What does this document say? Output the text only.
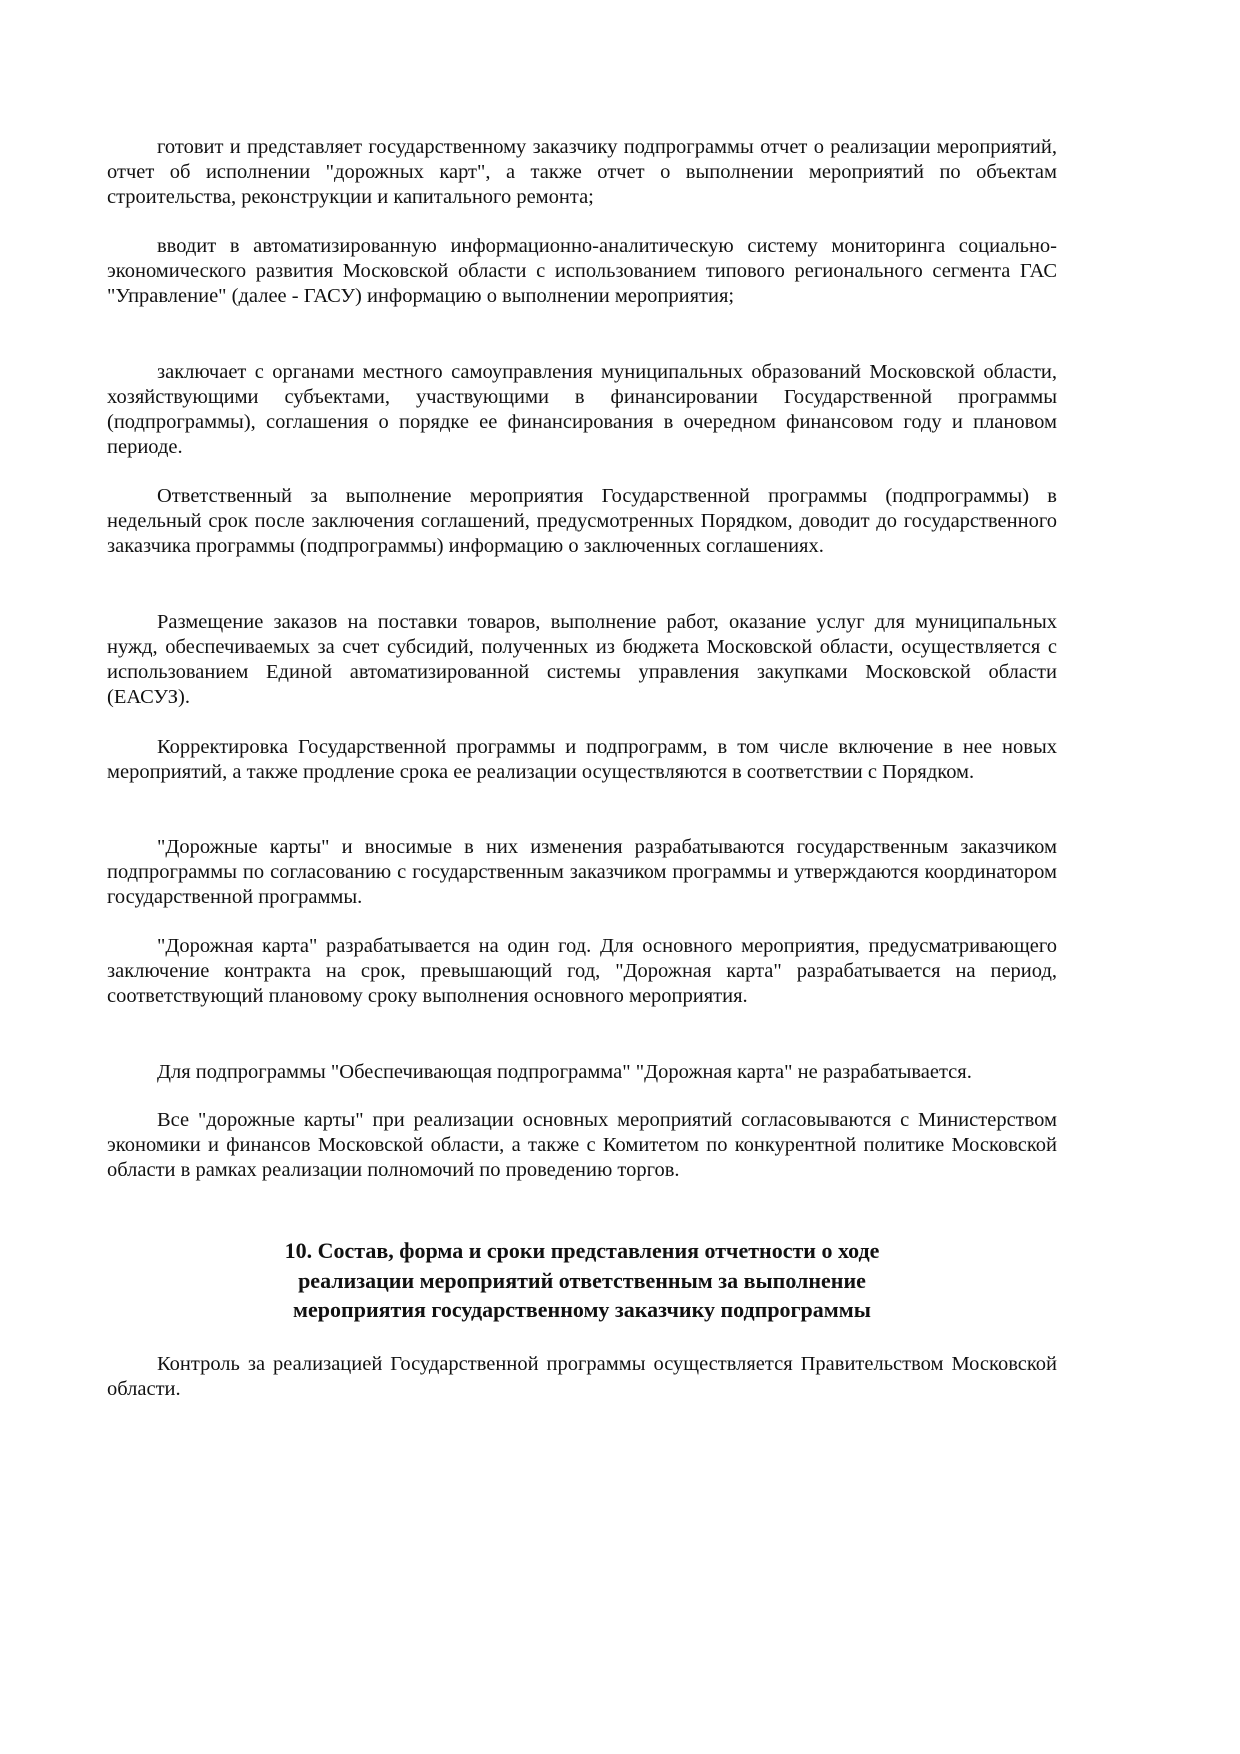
готовит и представляет государственному заказчику подпрограммы отчет о реализации мероприятий, отчет об исполнении "дорожных карт", а также отчет о выполнении мероприятий по объектам строительства, реконструкции и капитального ремонта;

вводит в автоматизированную информационно-аналитическую систему мониторинга социально-экономического развития Московской области с использованием типового регионального сегмента ГАС "Управление" (далее - ГАСУ) информацию о выполнении мероприятия;

заключает с органами местного самоуправления муниципальных образований Московской области, хозяйствующими субъектами, участвующими в финансировании Государственной программы (подпрограммы), соглашения о порядке ее финансирования в очередном финансовом году и плановом периоде.

Ответственный за выполнение мероприятия Государственной программы (подпрограммы) в недельный срок после заключения соглашений, предусмотренных Порядком, доводит до государственного заказчика программы (подпрограммы) информацию о заключенных соглашениях.

Размещение заказов на поставки товаров, выполнение работ, оказание услуг для муниципальных нужд, обеспечиваемых за счет субсидий, полученных из бюджета Московской области, осуществляется с использованием Единой автоматизированной системы управления закупками Московской области (ЕАСУЗ).

Корректировка Государственной программы и подпрограмм, в том числе включение в нее новых мероприятий, а также продление срока ее реализации осуществляются в соответствии с Порядком.

"Дорожные карты" и вносимые в них изменения разрабатываются государственным заказчиком подпрограммы по согласованию с государственным заказчиком программы и утверждаются координатором государственной программы.

"Дорожная карта" разрабатывается на один год. Для основного мероприятия, предусматривающего заключение контракта на срок, превышающий год, "Дорожная карта" разрабатывается на период, соответствующий плановому сроку выполнения основного мероприятия.

Для подпрограммы "Обеспечивающая подпрограмма" "Дорожная карта" не разрабатывается.

Все "дорожные карты" при реализации основных мероприятий согласовываются с Министерством экономики и финансов Московской области, а также с Комитетом по конкурентной политике Московской области в рамках реализации полномочий по проведению торгов.

10. Состав, форма и сроки представления отчетности о ходе
реализации мероприятий ответственным за выполнение
мероприятия государственному заказчику подпрограммы

Контроль за реализацией Государственной программы осуществляется Правительством Московской области.
